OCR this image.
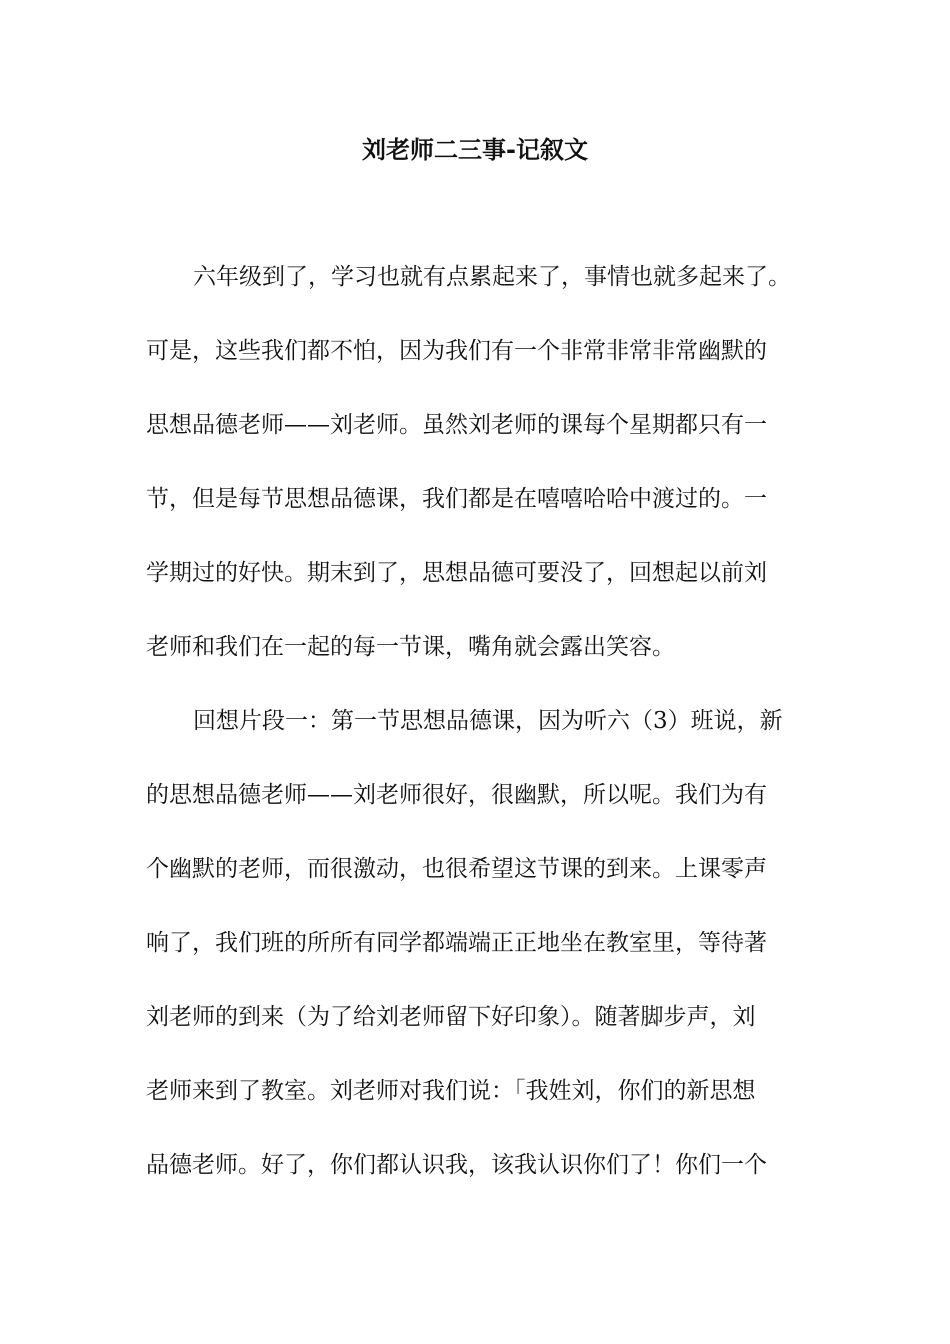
刘老师二三事-记叙文
六年级到了，学习也就有点累起来了，事情也就多起来了。
可是，这些我们都不怕，因为我们有一个非常非常非常幽默的
思想品德老师——刘老师。虽然刘老师的课每个星期都只有一
节，但是每节思想品德课，我们都是在嘻嘻哈哈中渡过的。一
学期过的好快。期末到了，思想品德可要没了，回想起以前刘
老师和我们在一起的每一节课，嘴角就会露出笑容。
回想片段一：第一节思想品德课，因为听六（3）班说，新
的思想品德老师——刘老师很好，很幽默，所以呢。我们为有
个幽默的老师，而很激动，也很希望这节课的到来。上课零声
响了，我们班的所所有同学都端端正正地坐在教室里，等待著
刘老师的到来（为了给刘老师留下好印象）。随著脚步声，刘
老师来到了教室。刘老师对我们说：「我姓刘，你们的新思想
品德老师。好了，你们都认识我，该我认识你们了！你们一个
